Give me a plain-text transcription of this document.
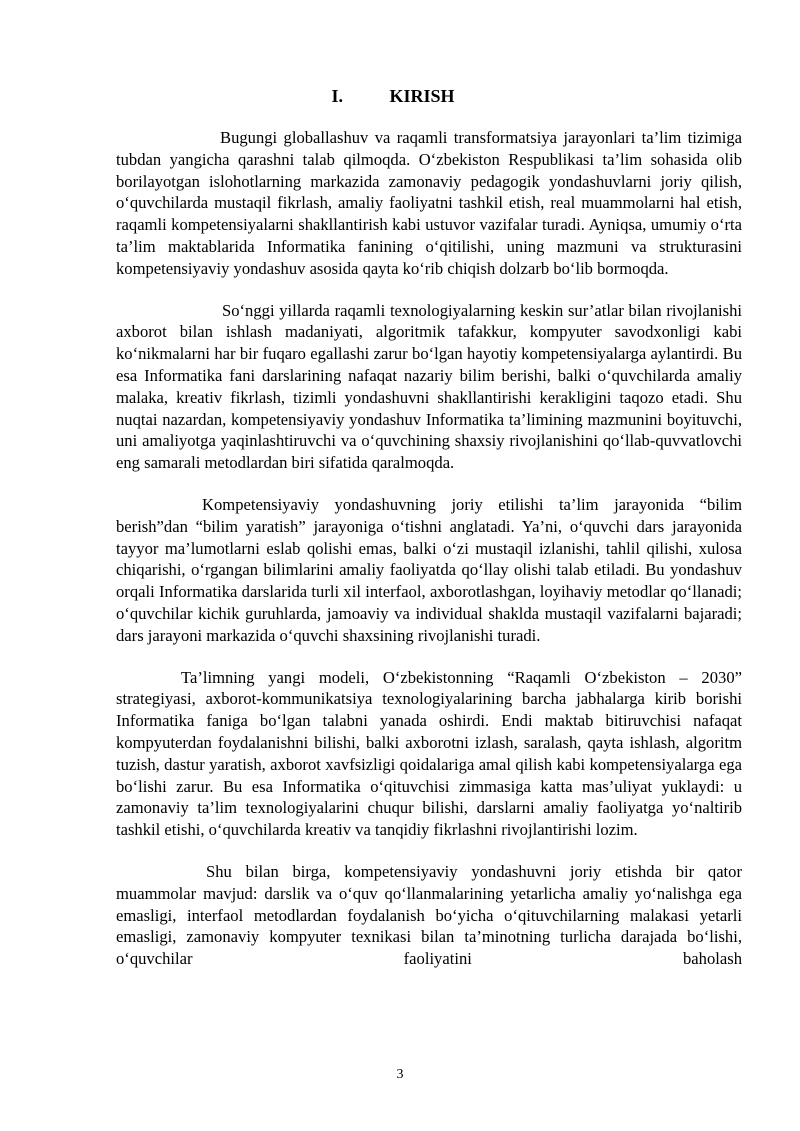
I.	KIRISH

Bugungi globallashuv va raqamli transformatsiya jarayonlari ta’lim tizimiga tubdan yangicha qarashni talab qilmoqda. O‘zbekiston Respublikasi ta’lim sohasida olib borilayotgan islohotlarning markazida zamonaviy pedagogik yondashuvlarni joriy qilish, o‘quvchilarda mustaqil fikrlash, amaliy faoliyatni tashkil etish, real muammolarni hal etish, raqamli kompetensiyalarni shakllantirish kabi ustuvor vazifalar turadi. Ayniqsa, umumiy o‘rta ta’lim maktablarida Informatika fanining o‘qitilishi, uning mazmuni va strukturasini kompetensiyaviy yondashuv asosida qayta ko‘rib chiqish dolzarb bo‘lib bormoqda.

So‘nggi yillarda raqamli texnologiyalarning keskin sur’atlar bilan rivojlanishi axborot bilan ishlash madaniyati, algoritmik tafakkur, kompyuter savodxonligi kabi ko‘nikmalarni har bir fuqaro egallashi zarur bo‘lgan hayotiy kompetensiyalarga aylantirdi. Bu esa Informatika fani darslarining nafaqat nazariy bilim berishi, balki o‘quvchilarda amaliy malaka, kreativ fikrlash, tizimli yondashuvni shakllantirishi kerakligini taqozo etadi. Shu nuqtai nazardan, kompetensiyaviy yondashuv Informatika ta’limining mazmunini boyituvchi, uni amaliyotga yaqinlashtiruvchi va o‘quvchining shaxsiy rivojlanishini qo‘llab-quvvatlovchi eng samarali metodlardan biri sifatida qaralmoqda.

Kompetensiyaviy yondashuvning joriy etilishi ta’lim jarayonida “bilim berish”dan “bilim yaratish” jarayoniga o‘tishni anglatadi. Ya’ni, o‘quvchi dars jarayonida tayyor ma’lumotlarni eslab qolishi emas, balki o‘zi mustaqil izlanishi, tahlil qilishi, xulosa chiqarishi, o‘rgangan bilimlarini amaliy faoliyatda qo‘llay olishi talab etiladi. Bu yondashuv orqali Informatika darslarida turli xil interfaol, axborotlashgan, loyihaviy metodlar qo‘llanadi; o‘quvchilar kichik guruhlarda, jamoaviy va individual shaklda mustaqil vazifalarni bajaradi; dars jarayoni markazida o‘quvchi shaxsining rivojlanishi turadi.

Ta’limning yangi modeli, O‘zbekistonning “Raqamli O‘zbekiston – 2030” strategiyasi, axborot-kommunikatsiya texnologiyalarining barcha jabhalarga kirib borishi Informatika faniga bo‘lgan talabni yanada oshirdi. Endi maktab bitiruvchisi nafaqat kompyuterdan foydalanishni bilishi, balki axborotni izlash, saralash, qayta ishlash, algoritm tuzish, dastur yaratish, axborot xavfsizligi qoidalariga amal qilish kabi kompetensiyalarga ega bo‘lishi zarur. Bu esa Informatika o‘qituvchisi zimmasiga katta mas’uliyat yuklaydi: u zamonaviy ta’lim texnologiyalarini chuqur bilishi, darslarni amaliy faoliyatga yo‘naltirib tashkil etishi, o‘quvchilarda kreativ va tanqidiy fikrlashni rivojlantirishi lozim.

Shu bilan birga, kompetensiyaviy yondashuvni joriy etishda bir qator muammolar mavjud: darslik va o‘quv qo‘llanmalarining yetarlicha amaliy yo‘nalishga ega emasligi, interfaol metodlardan foydalanish bo‘yicha o‘qituvchilarning malakasi yetarli emasligi, zamonaviy kompyuter texnikasi bilan ta’minotning turlicha darajada bo‘lishi, o‘quvchilar faoliyatini baholash

3
